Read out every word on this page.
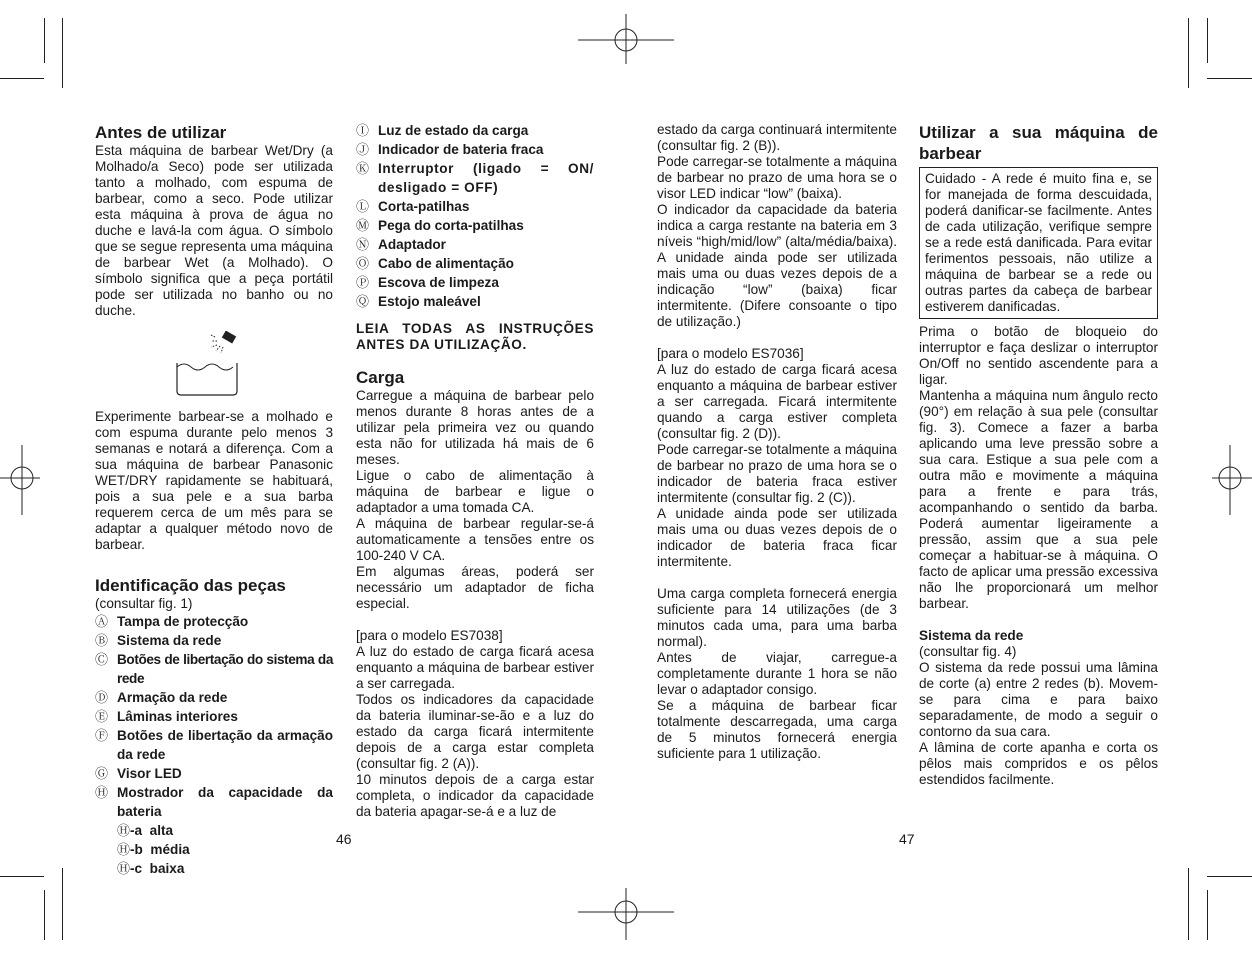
Antes de utilizar

Esta máquina de barbear Wet/Dry (a Molhado/a Seco) pode ser utilizada tanto a molhado, com espuma de barbear, como a seco. Pode utilizar esta máquina à prova de água no duche e lavá-la com água. O símbolo que se segue representa uma máquina de barbear Wet (a Molhado). O símbolo significa que a peça portátil pode ser utilizada no banho ou no duche.

Experimente barbear-se a molhado e com espuma durante pelo menos 3 semanas e notará a diferença. Com a sua máquina de barbear Panasonic WET/DRY rapidamente se habituará, pois a sua pele e a sua barba requerem cerca de um mês para se adaptar a qualquer método novo de barbear.

Identificação das peças

(consultar fig. 1)

Ⓐ Tampa de protecção
Ⓑ Sistema da rede
Ⓒ Botões de libertação do sistema da rede
Ⓓ Armação da rede
Ⓔ Lâminas interiores
Ⓕ Botões de libertação da armação da rede
Ⓖ Visor LED
Ⓗ Mostrador da capacidade da bateria
Ⓗ -a  alta
Ⓗ -b  média
Ⓗ -c  baixa
Ⓘ Luz de estado da carga
Ⓙ Indicador de bateria fraca
Ⓚ Interruptor (ligado = ON/ desligado = OFF)
Ⓛ Corta-patilhas
Ⓜ Pega do corta-patilhas
Ⓝ Adaptador
Ⓞ Cabo de alimentação
Ⓟ Escova de limpeza
Ⓠ Estojo maleável

LEIA TODAS AS INSTRUÇÕES ANTES DA UTILIZAÇÃO.

Carga

Carregue a máquina de barbear pelo menos durante 8 horas antes de a utilizar pela primeira vez ou quando esta não for utilizada há mais de 6 meses.

Ligue o cabo de alimentação à máquina de barbear e ligue o adaptador a uma tomada CA.

A máquina de barbear regular-se-á automaticamente a tensões entre os 100-240 V CA.

Em algumas áreas, poderá ser necessário um adaptador de ficha especial.

[para o modelo ES7038]

A luz do estado de carga ficará acesa enquanto a máquina de barbear estiver a ser carregada.

Todos os indicadores da capacidade da bateria iluminar-se-ão e a luz do estado da carga ficará intermitente depois de a carga estar completa (consultar fig. 2 (A)).

10 minutos depois de a carga estar completa, o indicador da capacidade da bateria apagar-se-á e a luz de

46

estado da carga continuará intermitente (consultar fig. 2 (B)).

Pode carregar-se totalmente a máquina de barbear no prazo de uma hora se o visor LED indicar “low” (baixa).

O indicador da capacidade da bateria indica a carga restante na bateria em 3 níveis “high/mid/low” (alta/média/baixa). A unidade ainda pode ser utilizada mais uma ou duas vezes depois de a indicação “low” (baixa) ficar intermitente. (Difere consoante o tipo de utilização.)

[para o modelo ES7036]

A luz do estado de carga ficará acesa enquanto a máquina de barbear estiver a ser carregada. Ficará intermitente quando a carga estiver completa (consultar fig. 2 (D)).

Pode carregar-se totalmente a máquina de barbear no prazo de uma hora se o indicador de bateria fraca estiver intermitente (consultar fig. 2 (C)).

A unidade ainda pode ser utilizada mais uma ou duas vezes depois de o indicador de bateria fraca ficar intermitente.

Uma carga completa fornecerá energia suficiente para 14 utilizações (de 3 minutos cada uma, para uma barba normal).

Antes de viajar, carregue-a completamente durante 1 hora se não levar o adaptador consigo.

Se a máquina de barbear ficar totalmente descarregada, uma carga de 5 minutos fornecerá energia suficiente para 1 utilização.

Utilizar a sua máquina de barbear

Cuidado - A rede é muito fina e, se for manejada de forma descuidada, poderá danificar-se facilmente. Antes de cada utilização, verifique sempre se a rede está danificada. Para evitar ferimentos pessoais, não utilize a máquina de barbear se a rede ou outras partes da cabeça de barbear estiverem danificadas.

Prima o botão de bloqueio do interruptor e faça deslizar o interruptor On/Off no sentido ascendente para a ligar.

Mantenha a máquina num ângulo recto (90°) em relação à sua pele (consultar fig. 3). Comece a fazer a barba aplicando uma leve pressão sobre a sua cara. Estique a sua pele com a outra mão e movimente a máquina para a frente e para trás, acompanhando o sentido da barba. Poderá aumentar ligeiramente a pressão, assim que a sua pele começar a habituar-se à máquina. O facto de aplicar uma pressão excessiva não lhe proporcionará um melhor barbear.

Sistema da rede

(consultar fig. 4)

O sistema da rede possui uma lâmina de corte (a) entre 2 redes (b). Movem-se para cima e para baixo separadamente, de modo a seguir o contorno da sua cara.

A lâmina de corte apanha e corta os pêlos mais compridos e os pêlos estendidos facilmente.

47
